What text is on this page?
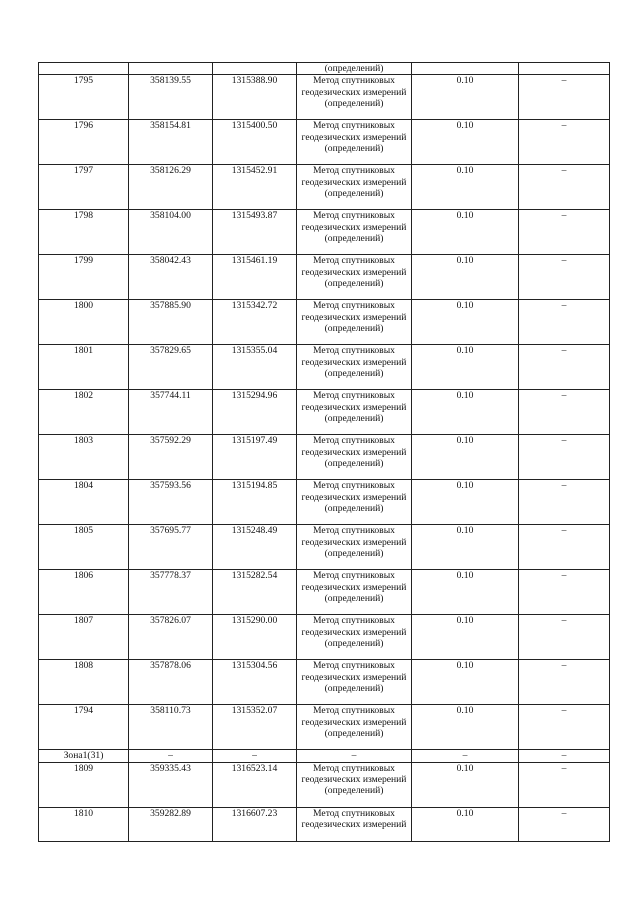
			(определений)		
1795	358139.55	1315388.90	Метод спутниковых геодезических измерений (определений)	0.10	–
1796	358154.81	1315400.50	Метод спутниковых геодезических измерений (определений)	0.10	–
1797	358126.29	1315452.91	Метод спутниковых геодезических измерений (определений)	0.10	–
1798	358104.00	1315493.87	Метод спутниковых геодезических измерений (определений)	0.10	–
1799	358042.43	1315461.19	Метод спутниковых геодезических измерений (определений)	0.10	–
1800	357885.90	1315342.72	Метод спутниковых геодезических измерений (определений)	0.10	–
1801	357829.65	1315355.04	Метод спутниковых геодезических измерений (определений)	0.10	–
1802	357744.11	1315294.96	Метод спутниковых геодезических измерений (определений)	0.10	–
1803	357592.29	1315197.49	Метод спутниковых геодезических измерений (определений)	0.10	–
1804	357593.56	1315194.85	Метод спутниковых геодезических измерений (определений)	0.10	–
1805	357695.77	1315248.49	Метод спутниковых геодезических измерений (определений)	0.10	–
1806	357778.37	1315282.54	Метод спутниковых геодезических измерений (определений)	0.10	–
1807	357826.07	1315290.00	Метод спутниковых геодезических измерений (определений)	0.10	–
1808	357878.06	1315304.56	Метод спутниковых геодезических измерений (определений)	0.10	–
1794	358110.73	1315352.07	Метод спутниковых геодезических измерений (определений)	0.10	–
Зона1(31)	–	–	–	–	–
1809	359335.43	1316523.14	Метод спутниковых геодезических измерений (определений)	0.10	–
1810	359282.89	1316607.23	Метод спутниковых геодезических измерений	0.10	–
